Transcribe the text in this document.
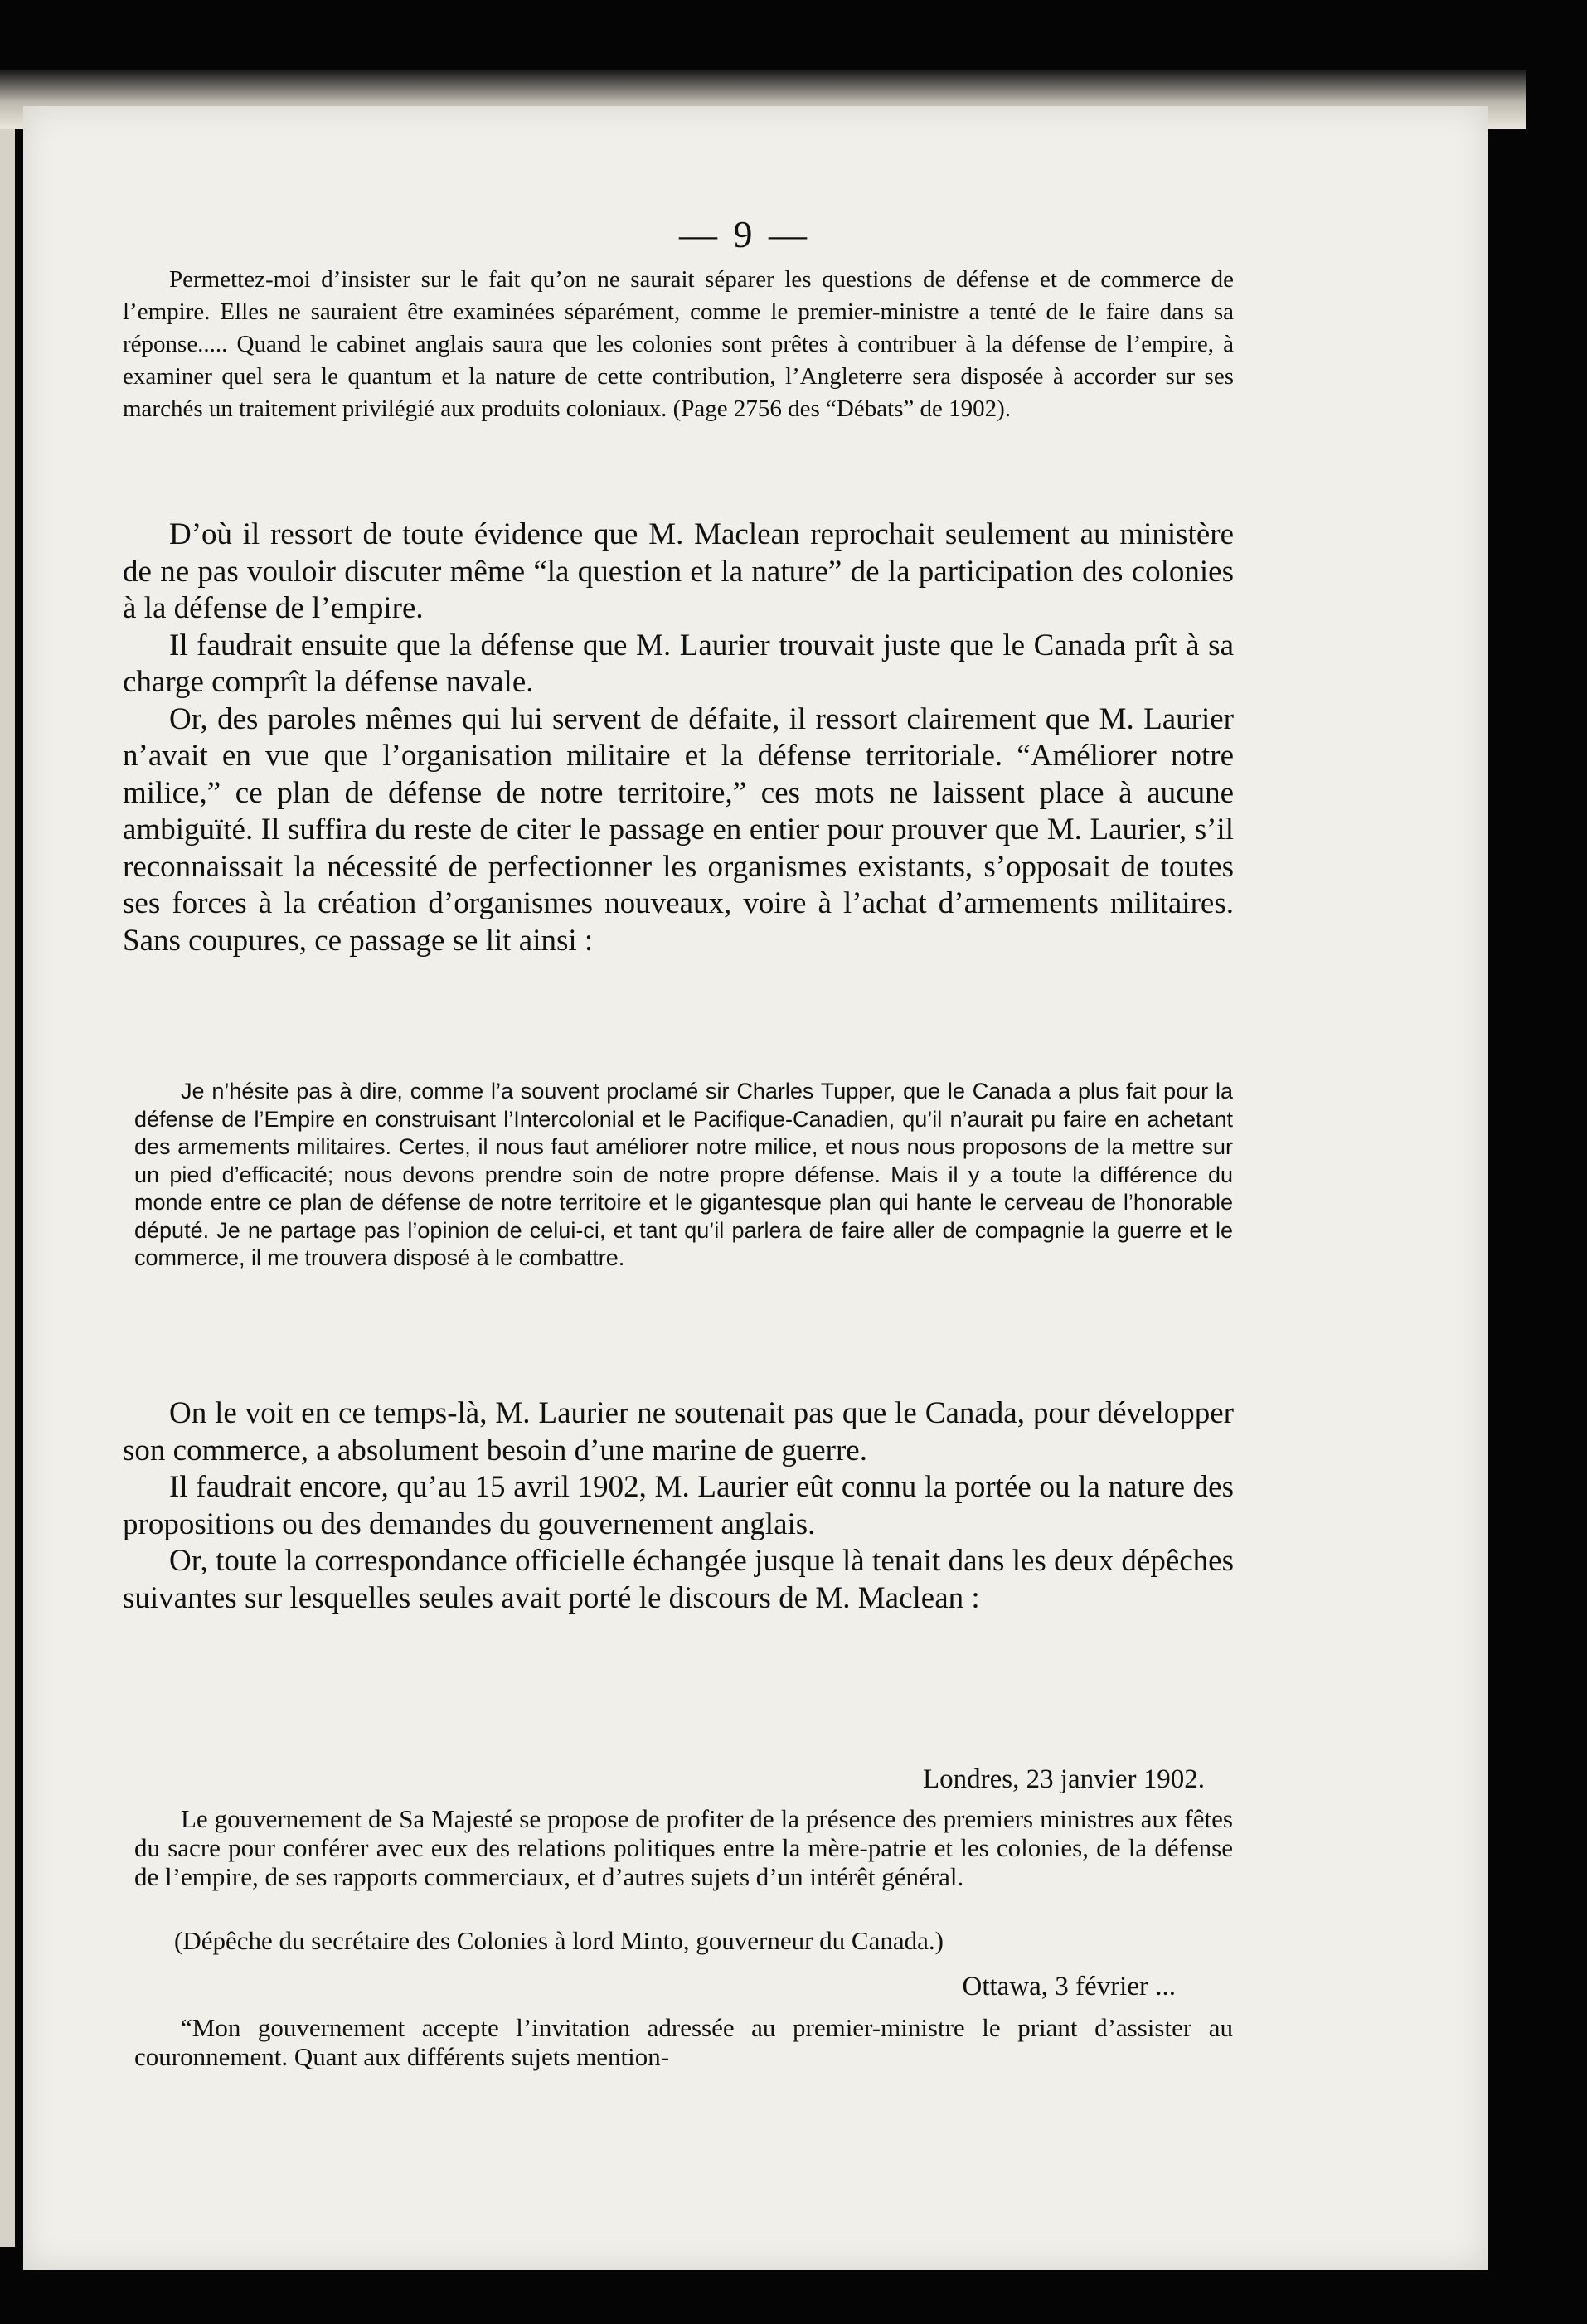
— 9 —

Permettez-moi d’insister sur le fait qu’on ne saurait séparer les questions de défense et de commerce de l’empire. Elles ne sauraient être examinées séparément, comme le premier-ministre a tenté de le faire dans sa réponse..... Quand le cabinet anglais saura que les colonies sont prêtes à contribuer à la défense de l’empire, à examiner quel sera le quantum et la nature de cette contribution, l’Angleterre sera disposée à accorder sur ses marchés un traitement privilégié aux produits coloniaux. (Page 2756 des “Débats” de 1902).

D’où il ressort de toute évidence que M. Maclean reprochait seulement au ministère de ne pas vouloir discuter même “la question et la nature” de la participation des colonies à la défense de l’empire.

Il faudrait ensuite que la défense que M. Laurier trouvait juste que le Canada prît à sa charge comprît la défense navale.

Or, des paroles mêmes qui lui servent de défaite, il ressort clairement que M. Laurier n’avait en vue que l’organisation militaire et la défense territoriale. “Améliorer notre milice,” ce plan de défense de notre territoire,” ces mots ne laissent place à aucune ambiguïté. Il suffira du reste de citer le passage en entier pour prouver que M. Laurier, s’il reconnaissait la nécessité de perfectionner les organismes existants, s’opposait de toutes ses forces à la création d’organismes nouveaux, voire à l’achat d’armements militaires. Sans coupures, ce passage se lit ainsi :

Je n’hésite pas à dire, comme l’a souvent proclamé sir Charles Tupper, que le Canada a plus fait pour la défense de l’Empire en construisant l’Intercolonial et le Pacifique-Canadien, qu’il n’aurait pu faire en achetant des armements militaires. Certes, il nous faut améliorer notre milice, et nous nous proposons de la mettre sur un pied d’efficacité; nous devons prendre soin de notre propre défense. Mais il y a toute la différence du monde entre ce plan de défense de notre territoire et le gigantesque plan qui hante le cerveau de l’honorable député. Je ne partage pas l’opinion de celui-ci, et tant qu’il parlera de faire aller de compagnie la guerre et le commerce, il me trouvera disposé à le combattre.

On le voit en ce temps-là, M. Laurier ne soutenait pas que le Canada, pour développer son commerce, a absolument besoin d’une marine de guerre.

Il faudrait encore, qu’au 15 avril 1902, M. Laurier eût connu la portée ou la nature des propositions ou des demandes du gouvernement anglais.

Or, toute la correspondance officielle échangée jusque là tenait dans les deux dépêches suivantes sur lesquelles seules avait porté le discours de M. Maclean :

Londres, 23 janvier 1902.

Le gouvernement de Sa Majesté se propose de profiter de la présence des premiers ministres aux fêtes du sacre pour conférer avec eux des relations politiques entre la mère-patrie et les colonies, de la défense de l’empire, de ses rapports commerciaux, et d’autres sujets d’un intérêt général.

(Dépêche du secrétaire des Colonies à lord Minto, gouverneur du Canada.)
Ottawa, 3 février ...

“Mon gouvernement accepte l’invitation adressée au premier-ministre le priant d’assister au couronnement. Quant aux différents sujets mention-
